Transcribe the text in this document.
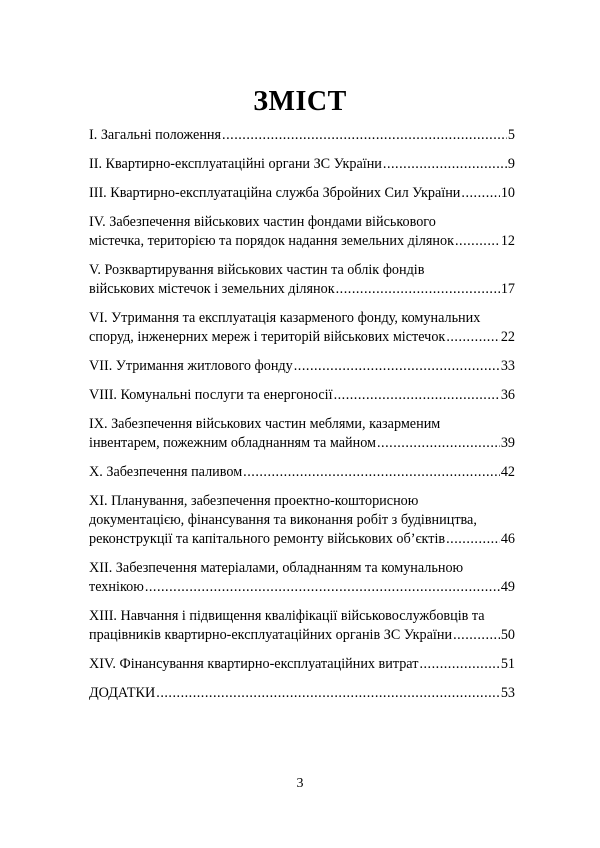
ЗМІСТ
І. Загальні положення .....	5
II. Квартирно-експлуатаційні органи ЗС України .....	9
III. Квартирно-експлуатаційна служба Збройних Сил України .....	10
IV. Забезпечення військових частин фондами військового
містечка, територією та порядок надання земельних ділянок .....	12
V. Розквартирування військових частин та облік фондів
військових містечок і земельних ділянок .....	17
VI. Утримання та експлуатація казарменого фонду, комунальних
споруд, інженерних мереж і територій військових містечок .....	22
VII. Утримання житлового фонду .....	33
VIII. Комунальні послуги та енергоносії .....	36
IX. Забезпечення військових частин меблями, казарменим
інвентарем, пожежним обладнанням та майном .....	39
X. Забезпечення паливом .....	42
XI. Планування, забезпечення проектно-кошторисною
документацією, фінансування та виконання робіт з будівництва,
реконструкції та капітального ремонту військових об’єктів .....	46
XII. Забезпечення матеріалами, обладнанням та комунальною
технікою .....	49
XIII. Навчання і підвищення кваліфікації військовослужбовців та
працівників квартирно-експлуатаційних органів ЗС України .....	50
XIV. Фінансування квартирно-експлуатаційних витрат .....	51
ДОДАТКИ .....	53
3
